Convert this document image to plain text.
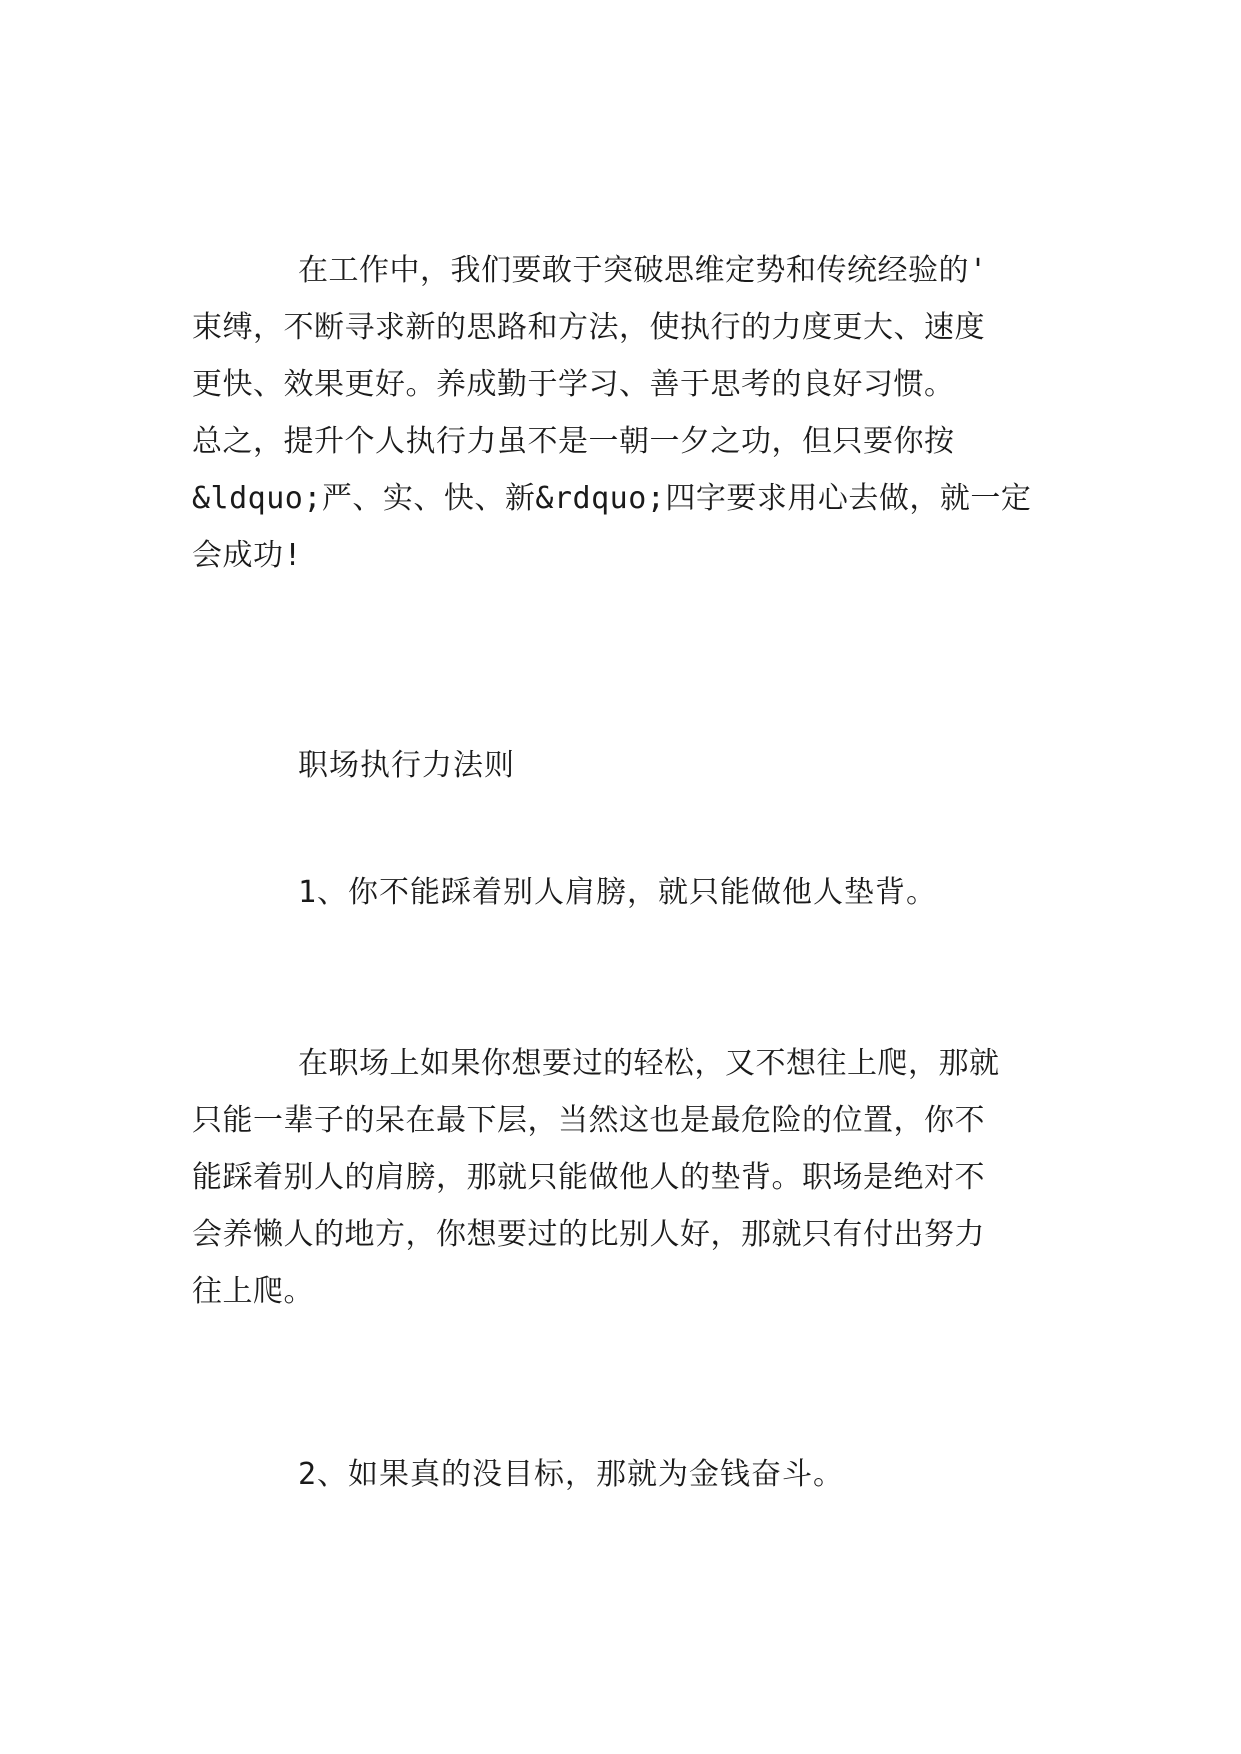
在工作中，我们要敢于突破思维定势和传统经验的'
束缚，不断寻求新的思路和方法，使执行的力度更大、速度
更快、效果更好。养成勤于学习、善于思考的良好习惯。
总之，提升个人执行力虽不是一朝一夕之功，但只要你按
&ldquo;严、实、快、新&rdquo;四字要求用心去做，就一定
会成功!
职场执行力法则
1、你不能踩着别人肩膀，就只能做他人垫背。
在职场上如果你想要过的轻松，又不想往上爬，那就
只能一辈子的呆在最下层，当然这也是最危险的位置，你不
能踩着别人的肩膀，那就只能做他人的垫背。职场是绝对不
会养懒人的地方，你想要过的比别人好，那就只有付出努力
往上爬。
2、如果真的没目标，那就为金钱奋斗。
